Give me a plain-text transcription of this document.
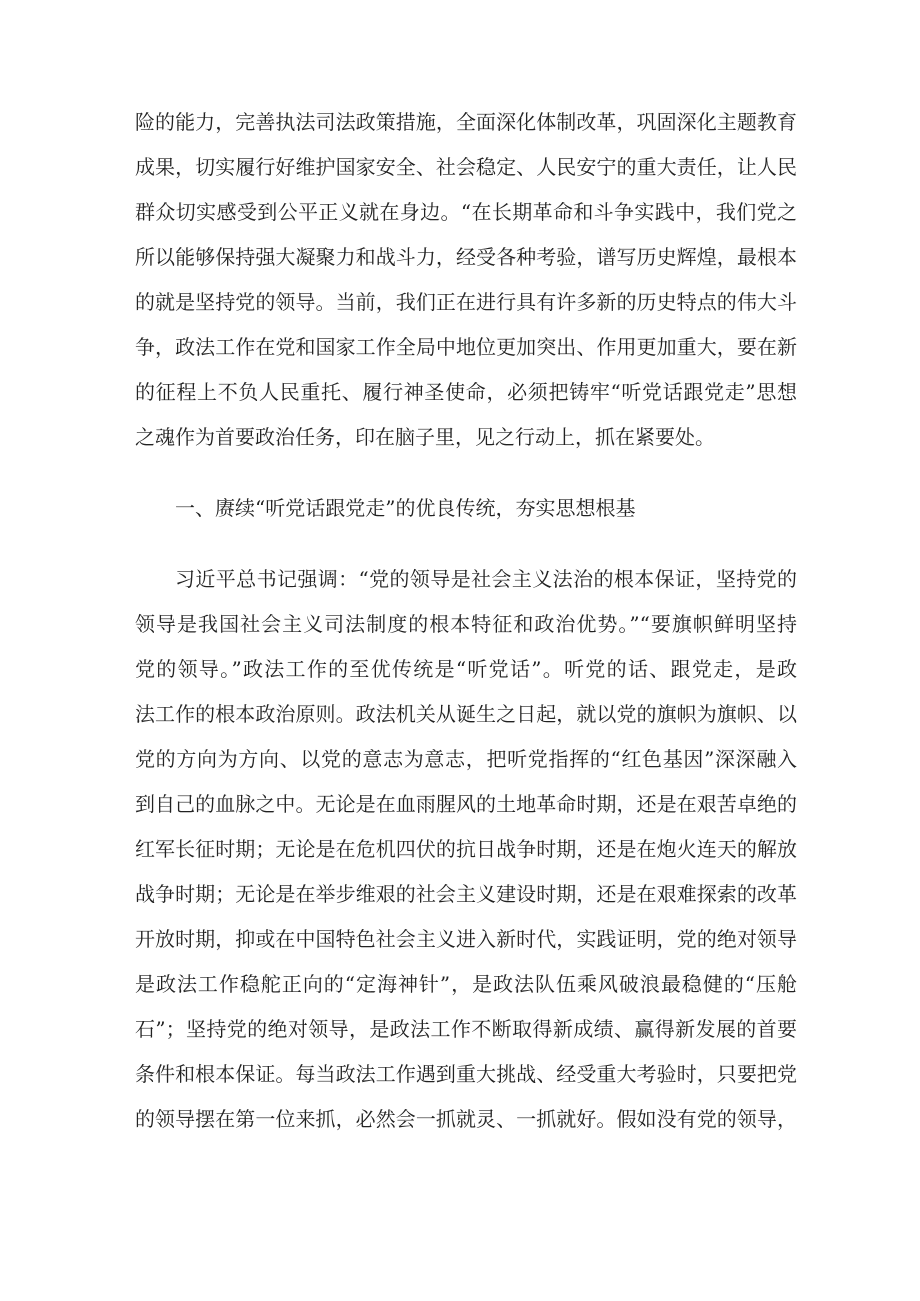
险的能力，完善执法司法政策措施，全面深化体制改革，巩固深化主题教育
成果，切实履行好维护国家安全、社会稳定、人民安宁的重大责任，让人民
群众切实感受到公平正义就在身边。“在长期革命和斗争实践中，我们党之
所以能够保持强大凝聚力和战斗力，经受各种考验，谱写历史辉煌，最根本
的就是坚持党的领导。当前，我们正在进行具有许多新的历史特点的伟大斗
争，政法工作在党和国家工作全局中地位更加突出、作用更加重大，要在新
的征程上不负人民重托、履行神圣使命，必须把铸牢“听党话跟党走”思想
之魂作为首要政治任务，印在脑子里，见之行动上，抓在紧要处。
一、赓续“听党话跟党走”的优良传统，夯实思想根基
习近平总书记强调：“党的领导是社会主义法治的根本保证，坚持党的
领导是我国社会主义司法制度的根本特征和政治优势。”“要旗帜鲜明坚持
党的领导。”政法工作的至优传统是“听党话”。听党的话、跟党走，是政
法工作的根本政治原则。政法机关从诞生之日起，就以党的旗帜为旗帜、以
党的方向为方向、以党的意志为意志，把听党指挥的“红色基因”深深融入
到自己的血脉之中。无论是在血雨腥风的土地革命时期，还是在艰苦卓绝的
红军长征时期；无论是在危机四伏的抗日战争时期，还是在炮火连天的解放
战争时期；无论是在举步维艰的社会主义建设时期，还是在艰难探索的改革
开放时期，抑或在中国特色社会主义进入新时代，实践证明，党的绝对领导
是政法工作稳舵正向的“定海神针”，是政法队伍乘风破浪最稳健的“压舱
石”；坚持党的绝对领导，是政法工作不断取得新成绩、赢得新发展的首要
条件和根本保证。每当政法工作遇到重大挑战、经受重大考验时，只要把党
的领导摆在第一位来抓，必然会一抓就灵、一抓就好。假如没有党的领导，
